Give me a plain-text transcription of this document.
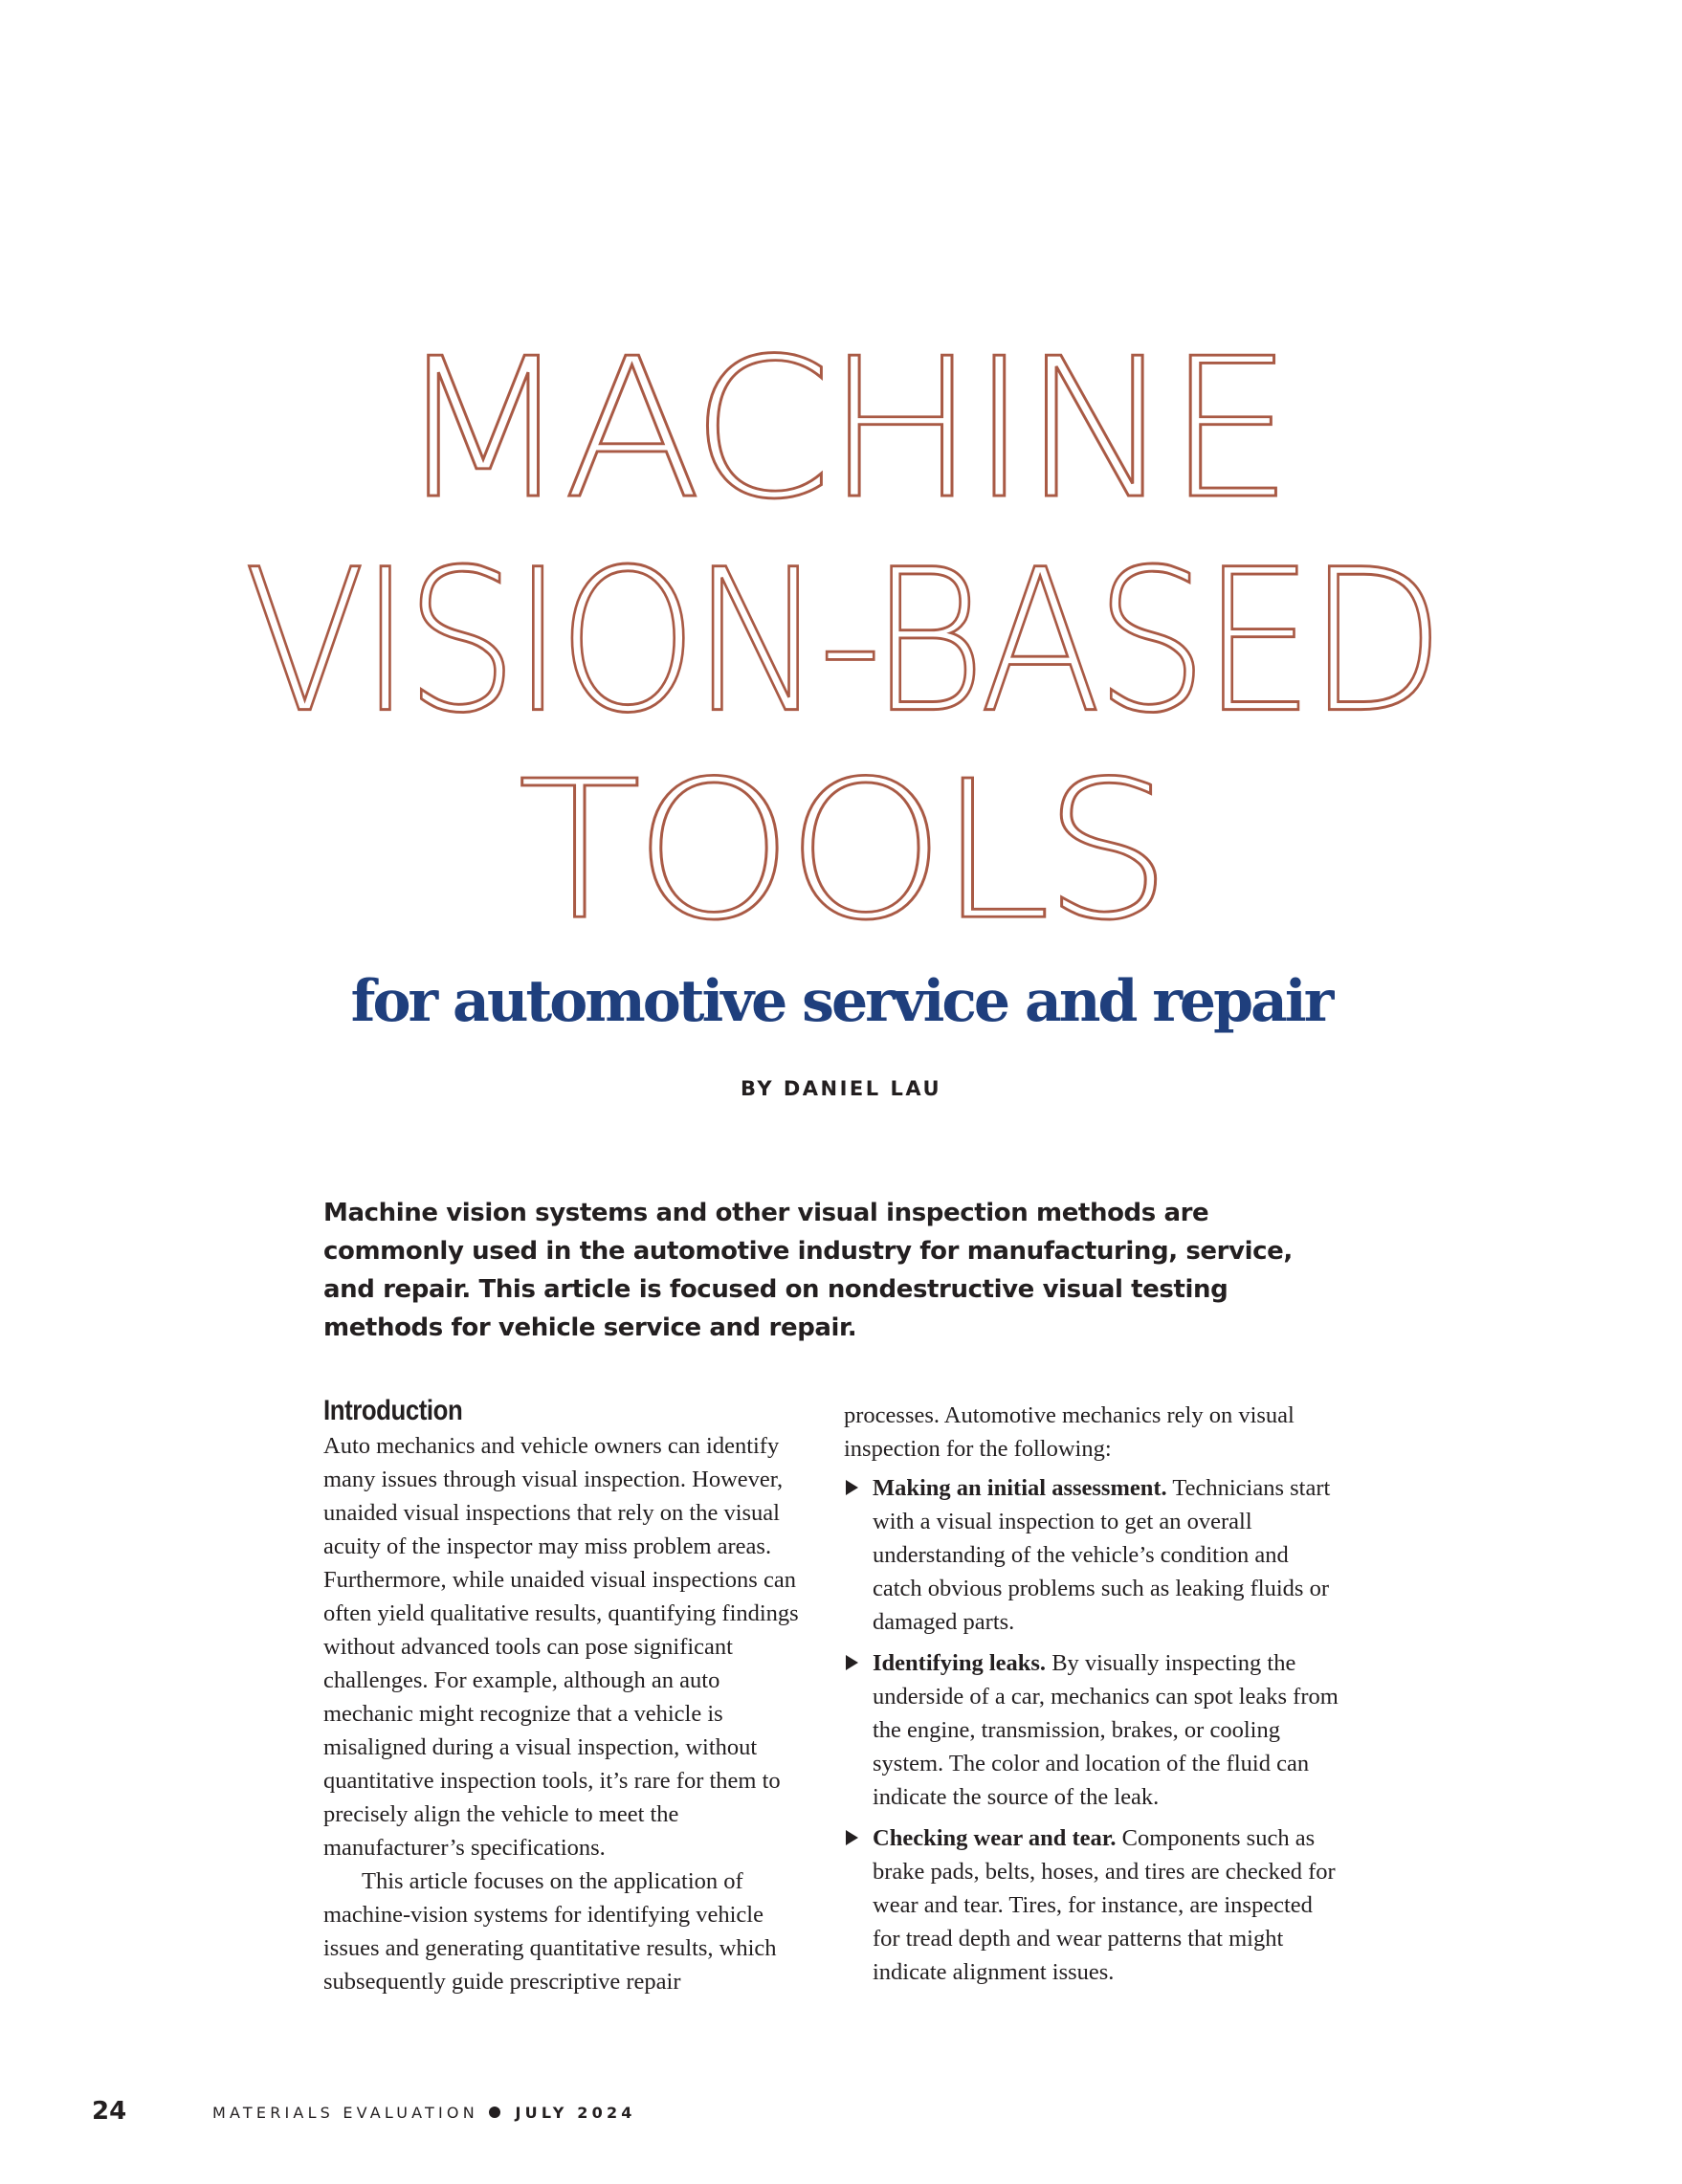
MACHINE
VISION-BASED
TOOLS
for automotive service and repair
BY DANIEL LAU
Machine vision systems and other visual inspection methods are commonly used in the automotive industry for manufacturing, service, and repair. This article is focused on nondestructive visual testing methods for vehicle service and repair.
Introduction

Auto mechanics and vehicle owners can identify many issues through visual inspection. However, unaided visual inspections that rely on the visual acuity of the inspector may miss problem areas. Furthermore, while unaided visual inspections can often yield qualitative results, quantifying findings without advanced tools can pose significant challenges. For example, although an auto mechanic might recognize that a vehicle is misaligned during a visual inspection, without quantitative inspection tools, it’s rare for them to precisely align the vehicle to meet the manufacturer’s specifications.

This article focuses on the application of machine-vision systems for identifying vehicle issues and generating quantitative results, which subsequently guide prescriptive repair

processes. Automotive mechanics rely on visual inspection for the following:

Making an initial assessment. Technicians start with a visual inspection to get an overall understanding of the vehicle’s condition and catch obvious problems such as leaking fluids or damaged parts.
Identifying leaks. By visually inspecting the underside of a car, mechanics can spot leaks from the engine, transmission, brakes, or cooling system. The color and location of the fluid can indicate the source of the leak.
Checking wear and tear. Components such as brake pads, belts, hoses, and tires are checked for wear and tear. Tires, for instance, are inspected for tread depth and wear patterns that might indicate alignment issues.
24	MATERIALS EVALUATION JULY 2024
